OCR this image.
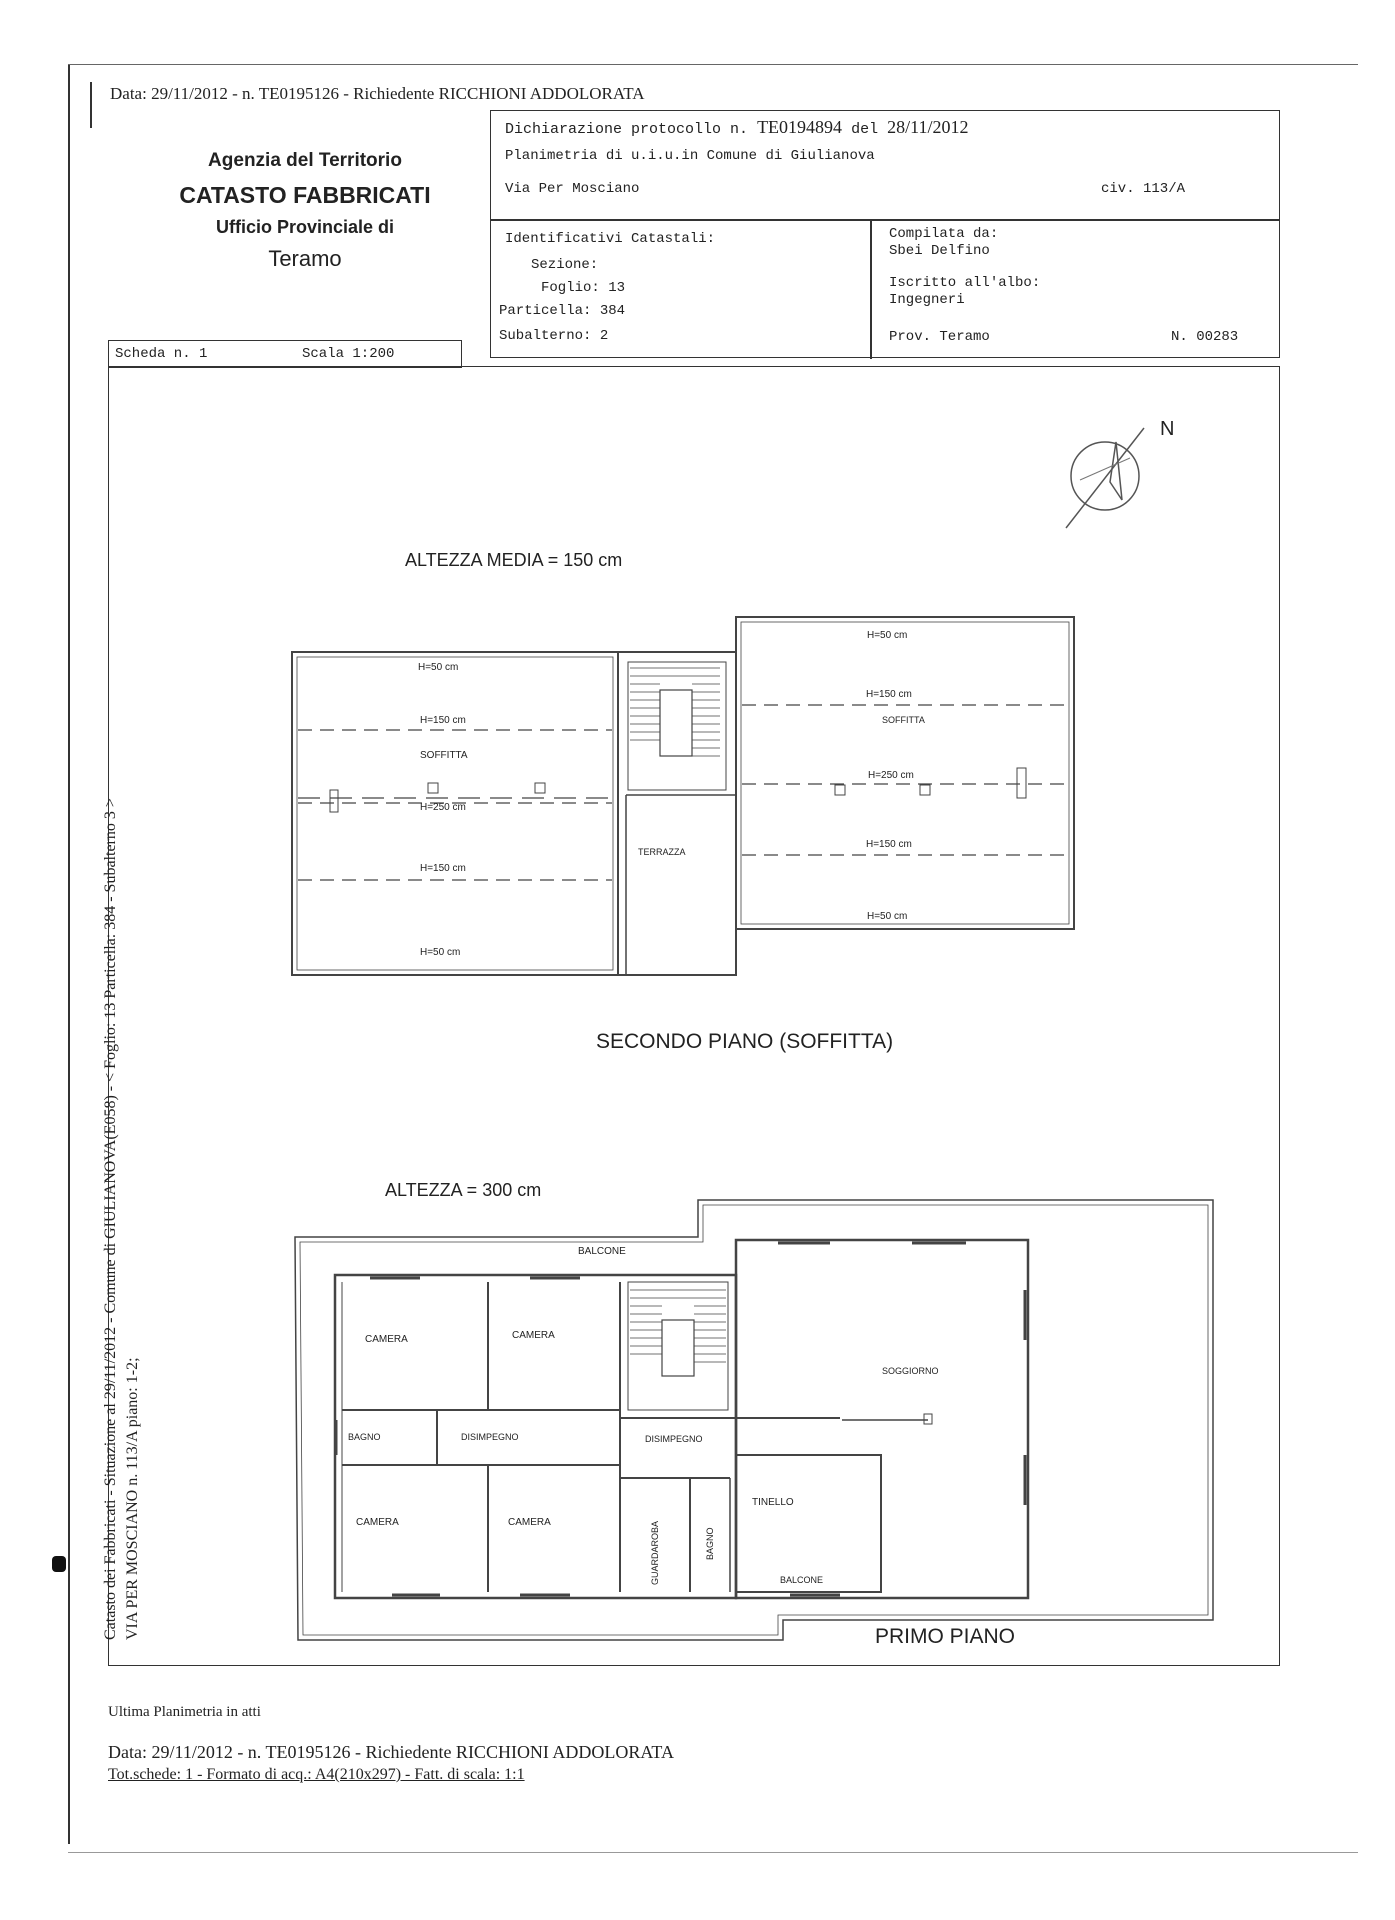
Data: 29/11/2012 - n. TE0195126 - Richiedente RICCHIONI ADDOLORATA
Agenzia del Territorio
CATASTO FABBRICATI
Ufficio Provinciale di
Teramo
Dichiarazione protocollo n. TE0194894 del 28/11/2012
Planimetria di u.i.u.in Comune di Giulianova
Via Per Mosciano	civ. 113/A
Identificativi Catastali:
Sezione:
Foglio: 13
Particella: 384
Subalterno: 2
Compilata da:
Sbei Delfino
Iscritto all'albo:
Ingegneri
Prov. Teramo	N. 00283
Scheda n. 1	Scala 1:200
Catasto dei Fabbricati - Situazione al 29/11/2012 - Comune di GIULIANOVA(E058) - < Foglio: 13 Particella: 384 - Subalterno 3 > VIA PER MOSCIANO n. 113/A piano: 1-2;
N
ALTEZZA MEDIA = 150 cm
SECONDO PIANO (SOFFITTA)
ALTEZZA = 300 cm
PRIMO PIANO
H=50 cm
H=150 cm
SOFFITTA
H=250 cm
H=150 cm
H=50 cm
TERRAZZA
H=50 cm
H=150 cm
SOFFITTA
H=250 cm
H=150 cm
H=50 cm
BALCONE
CAMERA	CAMERA
BAGNO	DISIMPEGNO	DISIMPEGNO
SOGGIORNO
CAMERA	CAMERA	GUARDAROBA	BAGNO
TINELLO
BALCONE
Ultima Planimetria in atti
Data: 29/11/2012 - n. TE0195126 - Richiedente RICCHIONI ADDOLORATA
Tot.schede: 1 - Formato di acq.: A4(210x297) - Fatt. di scala: 1:1
